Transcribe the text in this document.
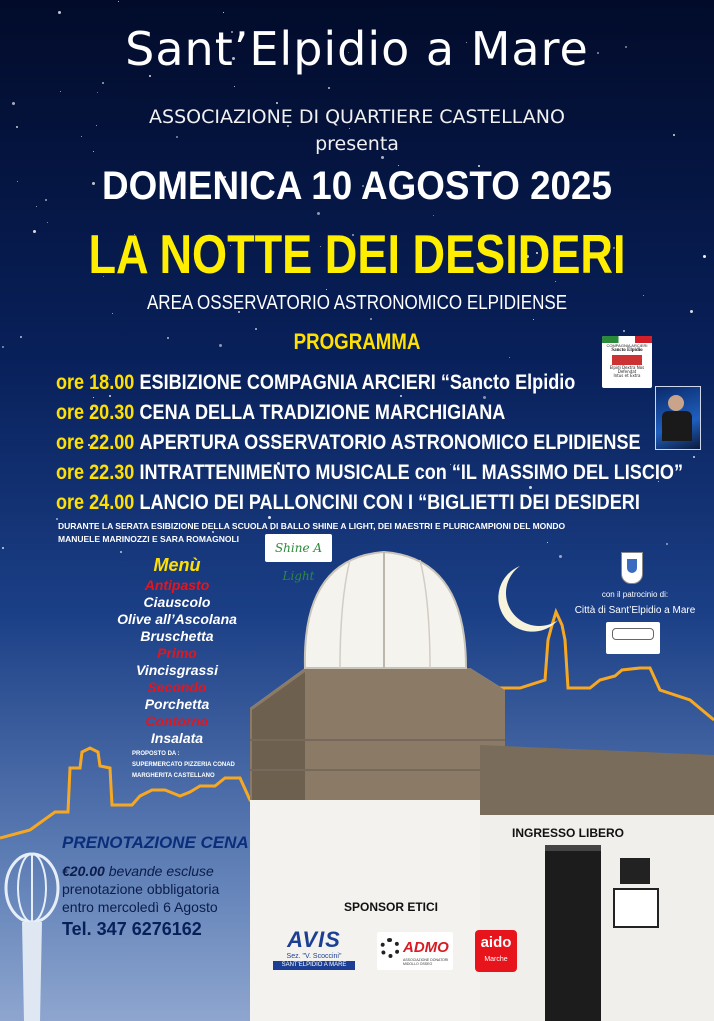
Sant’Elpidio a Mare
ASSOCIAZIONE DI QUARTIERE CASTELLANO
presenta
DOMENICA 10 AGOSTO 2025
LA NOTTE DEI DESIDERI
AREA OSSERVATORIO ASTRONOMICO ELPIDIENSE
PROGRAMMA
ore 18.00 ESIBIZIONE COMPAGNIA ARCIERI “Sancto Elpidio
ore 20.30 CENA DELLA TRADIZIONE MARCHIGIANA
ore 22.00 APERTURA OSSERVATORIO ASTRONOMICO ELPIDIENSE
ore 22.30 INTRATTENIMENTO MUSICALE con “IL MASSIMO DEL LISCIO”
ore 24.00 LANCIO DEI PALLONCINI CON I “BIGLIETTI DEI DESIDERI
COMPAGNIA ARCIERI
Sancto Elpidio
Elpidi Dextra Nos
Defendat
Intus et Extra
DURANTE LA SERATA ESIBIZIONE DELLA SCUOLA DI BALLO SHINE A LIGHT, DEI MAESTRI E PLURICAMPIONI DEL MONDO
MANUELE MARINOZZI E SARA ROMAGNOLI
Shine A Light
Menù
Antipasto
Ciauscolo
Olive all’Ascolana
Bruschetta
Primo
Vincisgrassi
Secondo
Porchetta
Contorno
Insalata
PROPOSTO DA :
SUPERMERCATO PIZZERIA CONAD
MARGHERITA CASTELLANO
con il patrocinio di:
Città di Sant’Elpidio a Mare
PRENOTAZIONE CENA
€20.00 bevande escluse
prenotazione obbligatoria
entro mercoledì 6 Agosto
Tel. 347 6276162
INGRESSO LIBERO
SPONSOR ETICI
AVIS
Sez. "V. Scoccini"
SANT'ELPIDIO A MARE
ADMO
ASSOCIAZIONE DONATORI MIDOLLO OSSEO
aido
Marche
